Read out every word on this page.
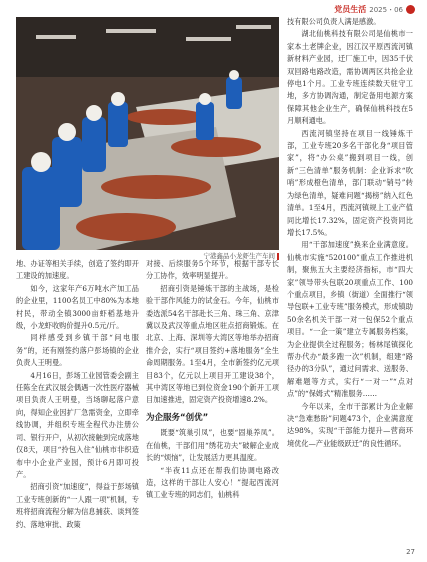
党员生活 2025・06
宁港鑫品小龙虾生产车间

地、办证等相关手续，创造了签约即开工建设的加速度。

如今，这家年产6万吨水产加工品的企业里，1100名员工中80%为本地村民，带动全镇3000亩虾稻基地升级，小龙虾收购价提升0.5元/斤。

同样感受到乡镇干部“问电服务”的，还有刚签约落户彭场镇的企业负责人王明曼。

4月16日，彭场工业园管委会副主任陈全在武汉展会偶遇一次性医疗器械项目负责人王明曼，当场聊起落户意向，得知企业因扩厂急需资金，立即牵线协调，并组织专班全程代办注册公司、银行开户，从初次接触到完成落地仅8天，项目“拎包入住”仙桃市非织造布中小企业产业园，预计6月即可投产。

招商引资“加速度”，得益于彭场镇工业专班创新的“一人跟一项”机制，专班将招商流程分解为信息捕获、谈判签约、落地审批、政策

对接、后续服务5个环节，根据干部专长分工协作，效率明显提升。

招商引资是锤炼干部的主战场，是检验干部作风能力的试金石。今年，仙桃市委选派54名干部赴长三角、珠三角、京津冀以及武汉等重点地区驻点招商锻炼。在北京、上海、深圳等大湾区等地举办招商推介会，实行“项目签约+落地服务”全生命周期服务。1至4月，全市新签约亿元项目83个，亿元以上项目开工建设38个，其中湾区等地已到位资金190个新开工项目加速推进，固定资产投资增速8.2%。

为企服务“创优”

既要“筑巢引凤”，也要“固巢养凤”。在仙桃，干部们用“绣花功夫”破解企业成长的“烦恼”，让发展活力更具温度。

“半夜11点还在帮我们协调电路改造，这样的干部让人安心！”提起西流河镇工业专班的同志们，仙桃科

技有限公司负责人满是感激。

湖北仙桃科技有限公司是仙桃市一家本土老牌企业，因江汉平原西流河镇新材料产业园，迁厂施工中，因35千伏双回路电路改造，需协调两区共抢企业停电1个月。工业专班连续数天驻守工地，多方协调沟通，制定备用电源方案保障其他企业生产，确保仙桃科技在5月顺利通电。

西流河镇坚持在项目一线锤炼干部，工业专班20多名干部化身“项目管家”，将“办公桌”搬到项目一线，创新“三色清单”服务机制：企业诉求“吹哨”形成橙色清单，部门联动“销号”转为绿色清单，疑难问题“揭榜”纳入红色清单。1至4月，西流河镇规上工业产值同比增长17.32%，固定资产投资同比增长17.5%。

用“干部加速度”换来企业满意度。仙桃市实施“520100”重点工作推进机制，聚焦五大主要经济指标，市“四大家”领导带头包联20项重点工作、100个重点项目，乡镇（街道）全面推行“领导包联+工业专班”服务模式，形成镇助50余名机关干部一对一包保52个重点项目。“一企一策”建立专属服务档案，为企业提供全过程服务；杨林尾镇探化帮办代办“最多跑一次”机制，组建“路径办的3分队”，通过问需求、送服务、解难题等方式，实行“一对一”“点对点”的“保姆式”精准服务……

今年以来，全市干部累计为企业解决“急难愁盼”问题473个，企业满意度达98%，实现“干部能力提升—营商环境优化—产业能级跃迁”的良性循环。

27
